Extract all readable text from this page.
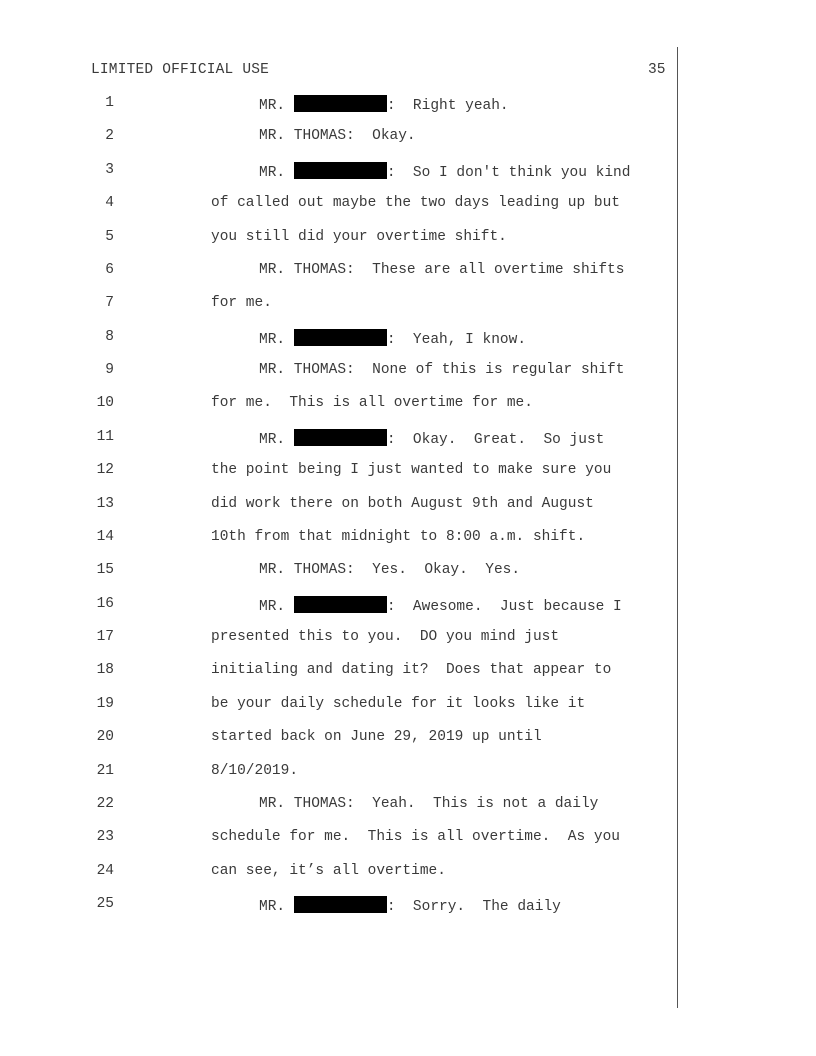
LIMITED OFFICIAL USE	35
1	MR.	:  Right yeah.
2	MR. THOMAS:  Okay.
3	MR.	:  So I don't think you kind
4	of called out maybe the two days leading up but
5	you still did your overtime shift.
6	MR. THOMAS:  These are all overtime shifts
7	for me.
8	MR.	:  Yeah, I know.
9	MR. THOMAS:  None of this is regular shift
10	for me.  This is all overtime for me.
11	MR.	:  Okay.  Great.  So just
12	the point being I just wanted to make sure you
13	did work there on both August 9th and August
14	10th from that midnight to 8:00 a.m. shift.
15	MR. THOMAS:  Yes.  Okay.  Yes.
16	MR.	:  Awesome.  Just because I
17	presented this to you.  DO you mind just
18	initialing and dating it?  Does that appear to
19	be your daily schedule for it looks like it
20	started back on June 29, 2019 up until
21	8/10/2019.
22	MR. THOMAS:  Yeah.  This is not a daily
23	schedule for me.  This is all overtime.  As you
24	can see, it’s all overtime.
25	MR.	:  Sorry.  The daily
